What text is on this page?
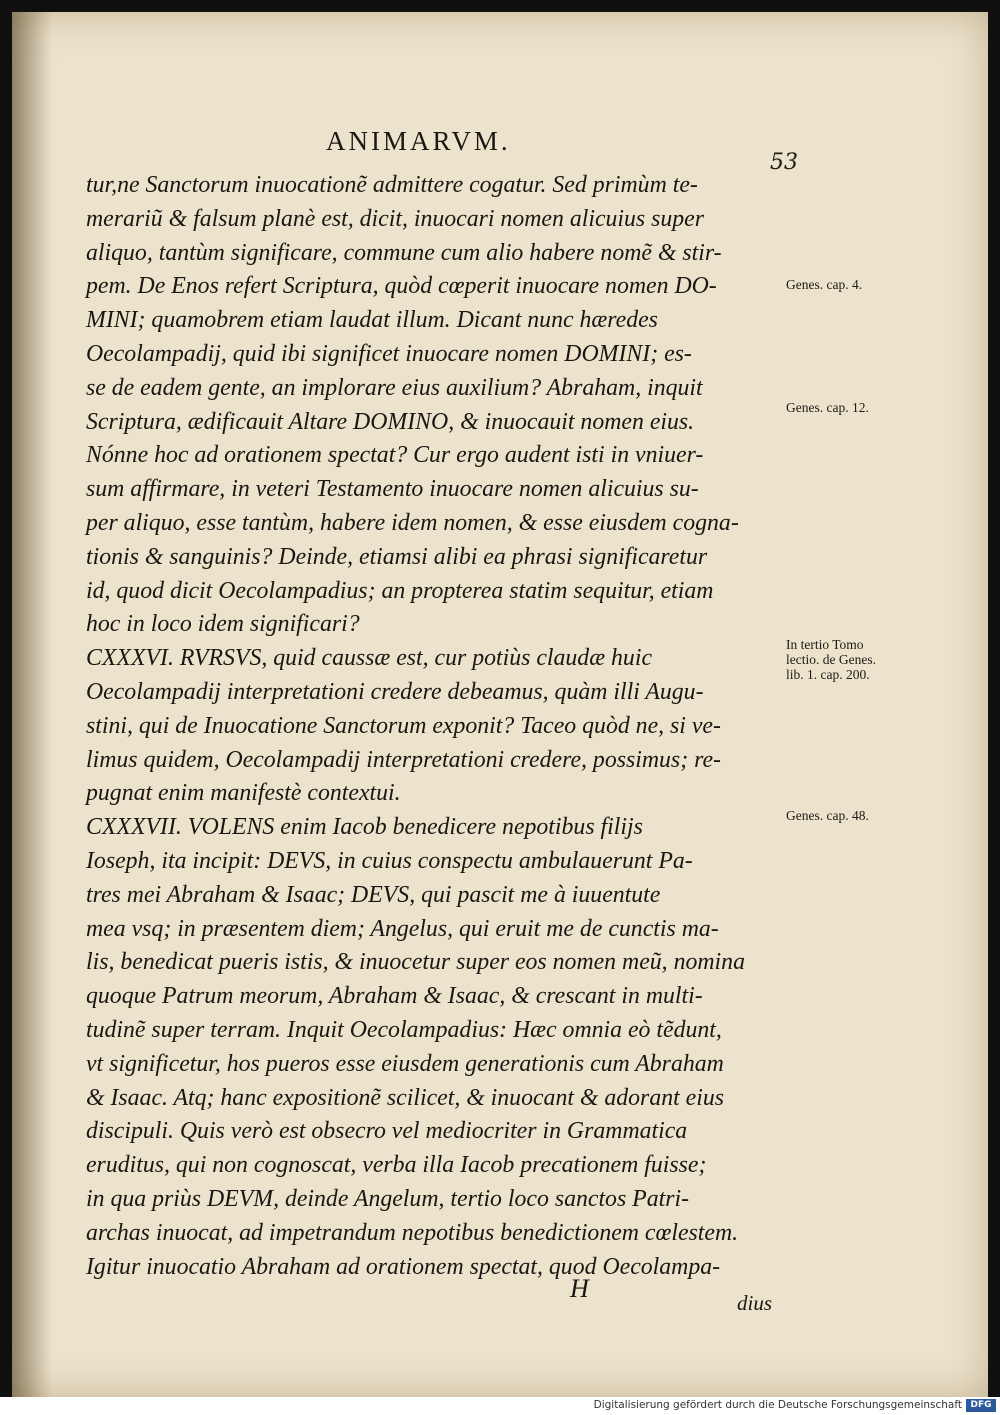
ANIMARVM.
53
tur,ne Sanctorum inuocationẽ admittere cogatur. Sed primùm te-
merariũ & falsum planè est, dicit, inuocari nomen alicuius super
aliquo, tantùm significare, commune cum alio habere nomẽ & stir-
pem. De Enos refert Scriptura, quòd cœperit inuocare nomen DO-
MINI; quamobrem etiam laudat illum. Dicant nunc hæredes
Oecolampadij, quid ibi significet inuocare nomen DOMINI; es-
se de eadem gente, an implorare eius auxilium? Abraham, inquit
Scriptura, ædificauit Altare DOMINO, & inuocauit nomen eius.
Nónne hoc ad orationem spectat? Cur ergo audent isti in vniuer-
sum affirmare, in veteri Testamento inuocare nomen alicuius su-
per aliquo, esse tantùm, habere idem nomen, & esse eiusdem cogna-
tionis & sanguinis? Deinde, etiamsi alibi ea phrasi significaretur
id, quod dicit Oecolampadius; an propterea statim sequitur, etiam
hoc in loco idem significari?
CXXXVI. RVRSVS, quid caussæ est, cur potiùs claudæ huic
Oecolampadij interpretationi credere debeamus, quàm illi Augu-
stini, qui de Inuocatione Sanctorum exponit? Taceo quòd ne, si ve-
limus quidem, Oecolampadij interpretationi credere, possimus; re-
pugnat enim manifestè contextui.
CXXXVII. VOLENS enim Iacob benedicere nepotibus filijs
Ioseph, ita incipit: DEVS, in cuius conspectu ambulauerunt Pa-
tres mei Abraham & Isaac; DEVS, qui pascit me à iuuentute
mea vsq; in præsentem diem; Angelus, qui eruit me de cunctis ma-
lis, benedicat pueris istis, & inuocetur super eos nomen meũ, nomina
quoque Patrum meorum, Abraham & Isaac, & crescant in multi-
tudinẽ super terram. Inquit Oecolampadius: Hæc omnia eò tẽdunt,
vt significetur, hos pueros esse eiusdem generationis cum Abraham
& Isaac. Atq; hanc expositionẽ scilicet, & inuocant & adorant eius
discipuli. Quis verò est obsecro vel mediocriter in Grammatica
eruditus, qui non cognoscat, verba illa Iacob precationem fuisse;
in qua priùs DEVM, deinde Angelum, tertio loco sanctos Patri-
archas inuocat, ad impetrandum nepotibus benedictionem cœlestem.
Igitur inuocatio Abraham ad orationem spectat, quod Oecolampa-
Genes. cap. 4.
Genes. cap. 12.
In tertio Tomo
lectio. de Genes.
lib. 1. cap. 200.
Genes. cap. 48.
H	dius
Digitalisierung gefördert durch die Deutsche Forschungsgemeinschaft DFG
